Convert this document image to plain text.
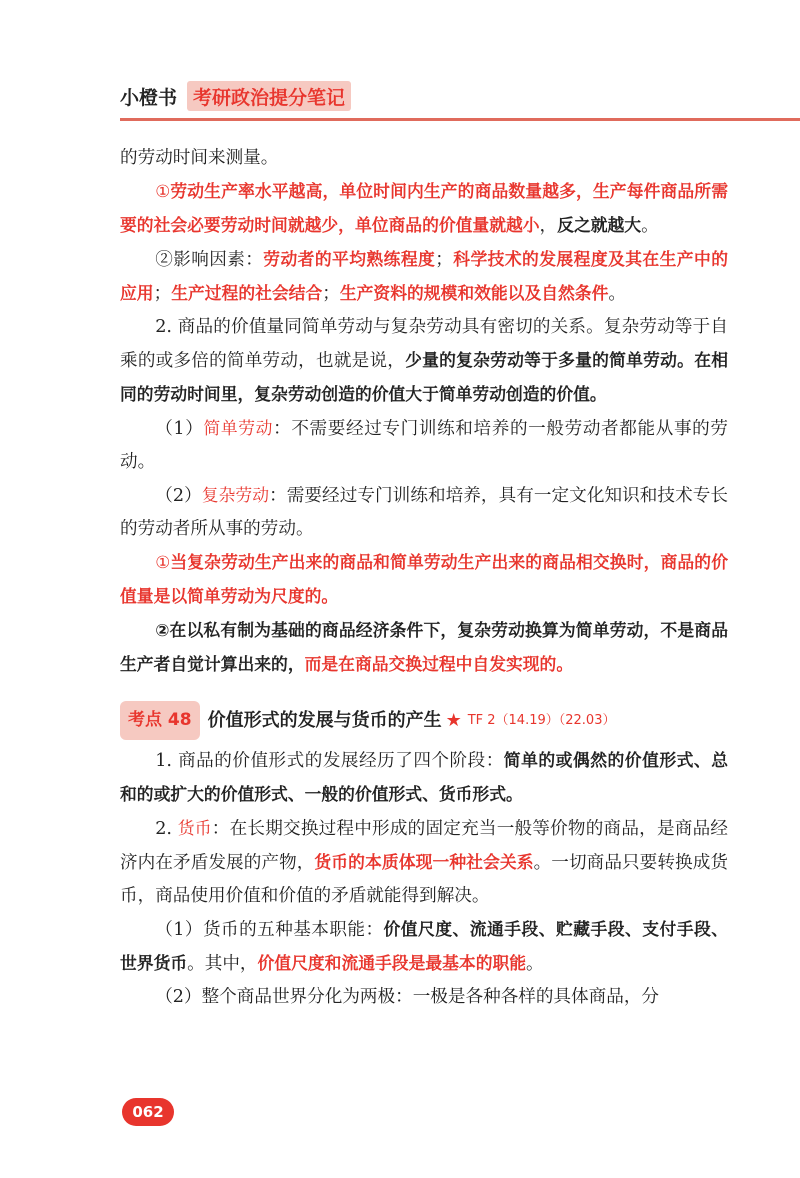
小橙书 考研政治提分笔记

的劳动时间来测量。

①劳动生产率水平越高，单位时间内生产的商品数量越多，生产每件商品所需要的社会必要劳动时间就越少，单位商品的价值量就越小，反之就越大。

②影响因素：劳动者的平均熟练程度；科学技术的发展程度及其在生产中的应用；生产过程的社会结合；生产资料的规模和效能以及自然条件。

2. 商品的价值量同简单劳动与复杂劳动具有密切的关系。复杂劳动等于自乘的或多倍的简单劳动，也就是说，少量的复杂劳动等于多量的简单劳动。在相同的劳动时间里，复杂劳动创造的价值大于简单劳动创造的价值。

（1）简单劳动：不需要经过专门训练和培养的一般劳动者都能从事的劳动。

（2）复杂劳动：需要经过专门训练和培养，具有一定文化知识和技术专长的劳动者所从事的劳动。

①当复杂劳动生产出来的商品和简单劳动生产出来的商品相交换时，商品的价值量是以简单劳动为尺度的。

②在以私有制为基础的商品经济条件下，复杂劳动换算为简单劳动，不是商品生产者自觉计算出来的，而是在商品交换过程中自发实现的。

考点 48 价值形式的发展与货币的产生 ★ TF 2（14.19）（22.03）

1. 商品的价值形式的发展经历了四个阶段：简单的或偶然的价值形式、总和的或扩大的价值形式、一般的价值形式、货币形式。

2. 货币：在长期交换过程中形成的固定充当一般等价物的商品，是商品经济内在矛盾发展的产物，货币的本质体现一种社会关系。一切商品只要转换成货币，商品使用价值和价值的矛盾就能得到解决。

（1）货币的五种基本职能：价值尺度、流通手段、贮藏手段、支付手段、世界货币。其中，价值尺度和流通手段是最基本的职能。

（2）整个商品世界分化为两极：一极是各种各样的具体商品，分

062
